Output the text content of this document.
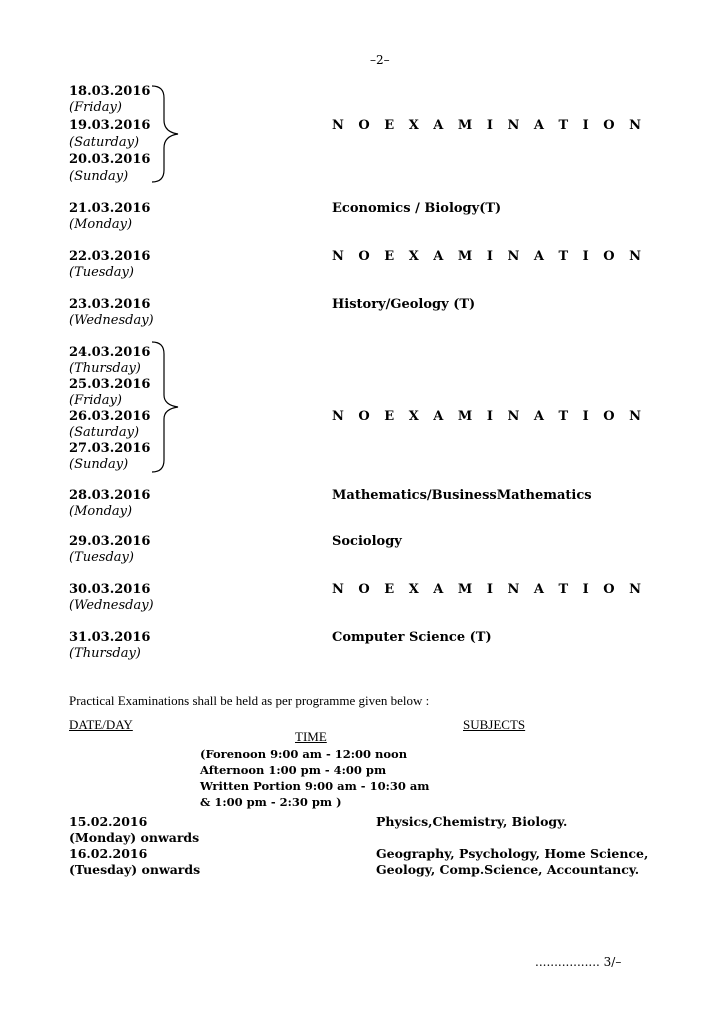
–2–
18.03.2016
(Friday)
19.03.2016
(Saturday)
20.03.2016
(Sunday)
N O E X A M I N A T I O N
21.03.2016
(Monday)
Economics / Biology(T)
22.03.2016
(Tuesday)
N O E X A M I N A T I O N
23.03.2016
(Wednesday)
History/Geology (T)
24.03.2016
(Thursday)
25.03.2016
(Friday)
26.03.2016
(Saturday)
27.03.2016
(Sunday)
N O E X A M I N A T I O N
28.03.2016
(Monday)
Mathematics/BusinessMathematics
29.03.2016
(Tuesday)
Sociology
30.03.2016
(Wednesday)
N O E X A M I N A T I O N
31.03.2016
(Thursday)
Computer Science (T)
Practical Examinations shall be held as per programme given below :
DATE/DAY	SUBJECTS
TIME
(Forenoon 9:00 am - 12:00 noon
Afternoon 1:00 pm - 4:00 pm
Written Portion 9:00 am - 10:30 am
& 1:00 pm - 2:30 pm )
15.02.2016
(Monday) onwards
Physics,Chemistry, Biology.
16.02.2016
(Tuesday) onwards
Geography, Psychology, Home Science,
Geology, Comp.Science, Accountancy.
................. 3/–
